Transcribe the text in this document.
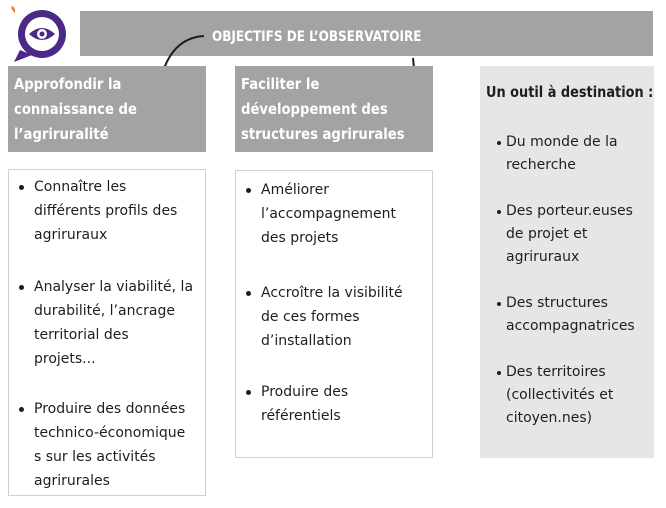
OBJECTIFS DE L’OBSERVATOIRE
Approfondir la
connaissance de
l’agriruralité
Faciliter le
développement des
structures agrirurales
Connaître les
différents profils des
agriruraux
Analyser la viabilité, la
durabilité, l’ancrage
territorial des
projets...
Produire des données
technico-économique
s sur les activités
agrirurales
Améliorer
l’accompagnement
des projets
Accroître la visibilité
de ces formes
d’installation
Produire des
référentiels
Un outil à destination :
Du monde de la
recherche
Des porteur.euses
de projet et
agriruraux
Des structures
accompagnatrices
Des territoires
(collectivités et
citoyen.nes)
